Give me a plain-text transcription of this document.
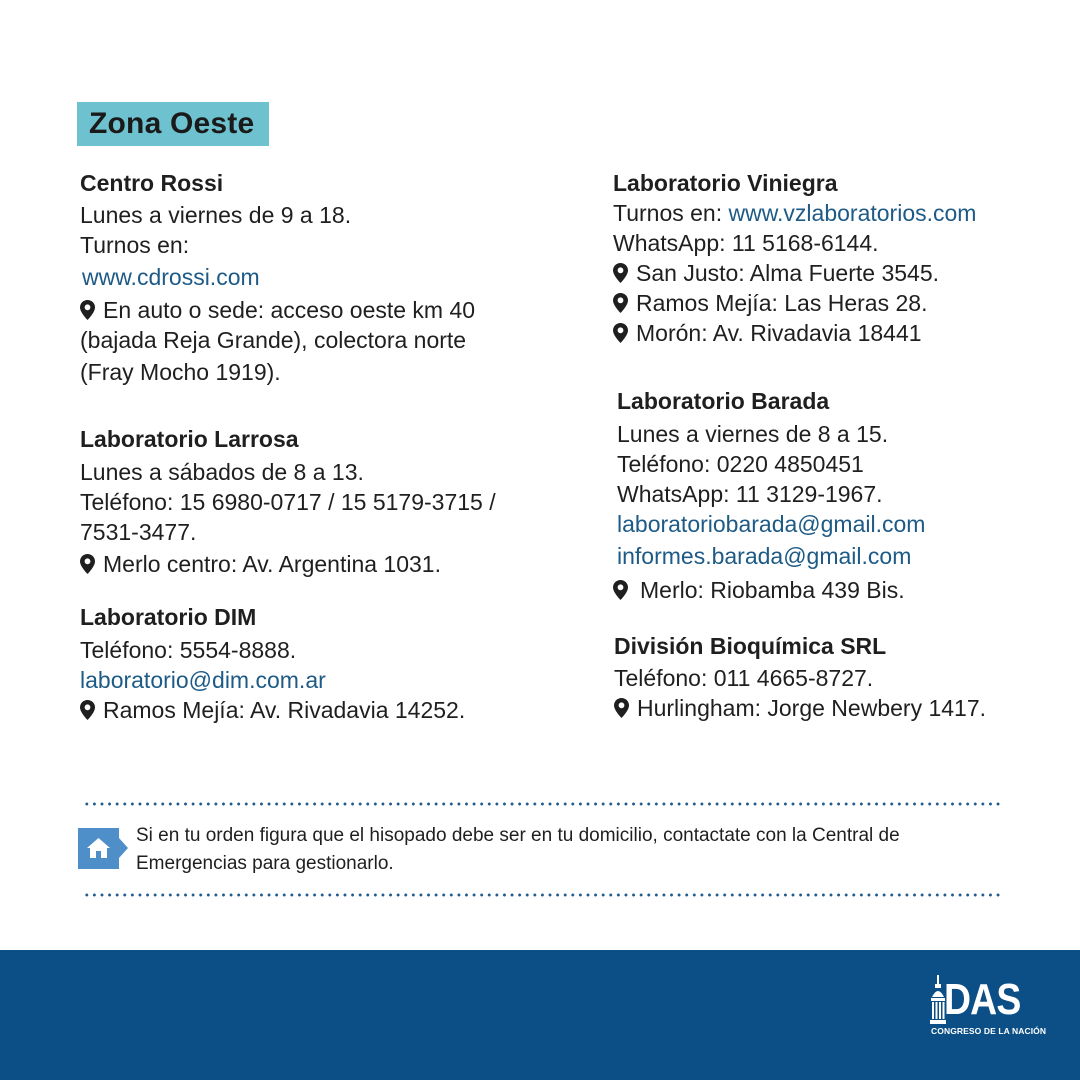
Zona Oeste
Centro Rossi
Lunes a viernes de 9 a 18.
Turnos en:
www.cdrossi.com
En auto o sede: acceso oeste km 40
(bajada Reja Grande), colectora norte
(Fray Mocho 1919).
Laboratorio Larrosa
Lunes a sábados de 8 a 13.
Teléfono: 15 6980-0717 / 15 5179-3715 /
7531-3477.
Merlo centro: Av. Argentina 1031.
Laboratorio DIM
Teléfono: 5554-8888.
laboratorio@dim.com.ar
Ramos Mejía: Av. Rivadavia 14252.
Laboratorio Viniegra
Turnos en: www.vzlaboratorios.com
WhatsApp: 11 5168-6144.
San Justo: Alma Fuerte 3545.
Ramos Mejía: Las Heras 28.
Morón: Av. Rivadavia 18441
Laboratorio Barada
Lunes a viernes de 8 a 15.
Teléfono: 0220 4850451
WhatsApp: 11 3129-1967.
laboratoriobarada@gmail.com
informes.barada@gmail.com
Merlo: Riobamba 439 Bis.
División Bioquímica SRL
Teléfono: 011 4665-8727.
Hurlingham: Jorge Newbery 1417.
Si en tu orden figura que el hisopado debe ser en tu domicilio, contactate con la Central de
Emergencias para gestionarlo.
DAS
CONGRESO DE LA NACIÓN
